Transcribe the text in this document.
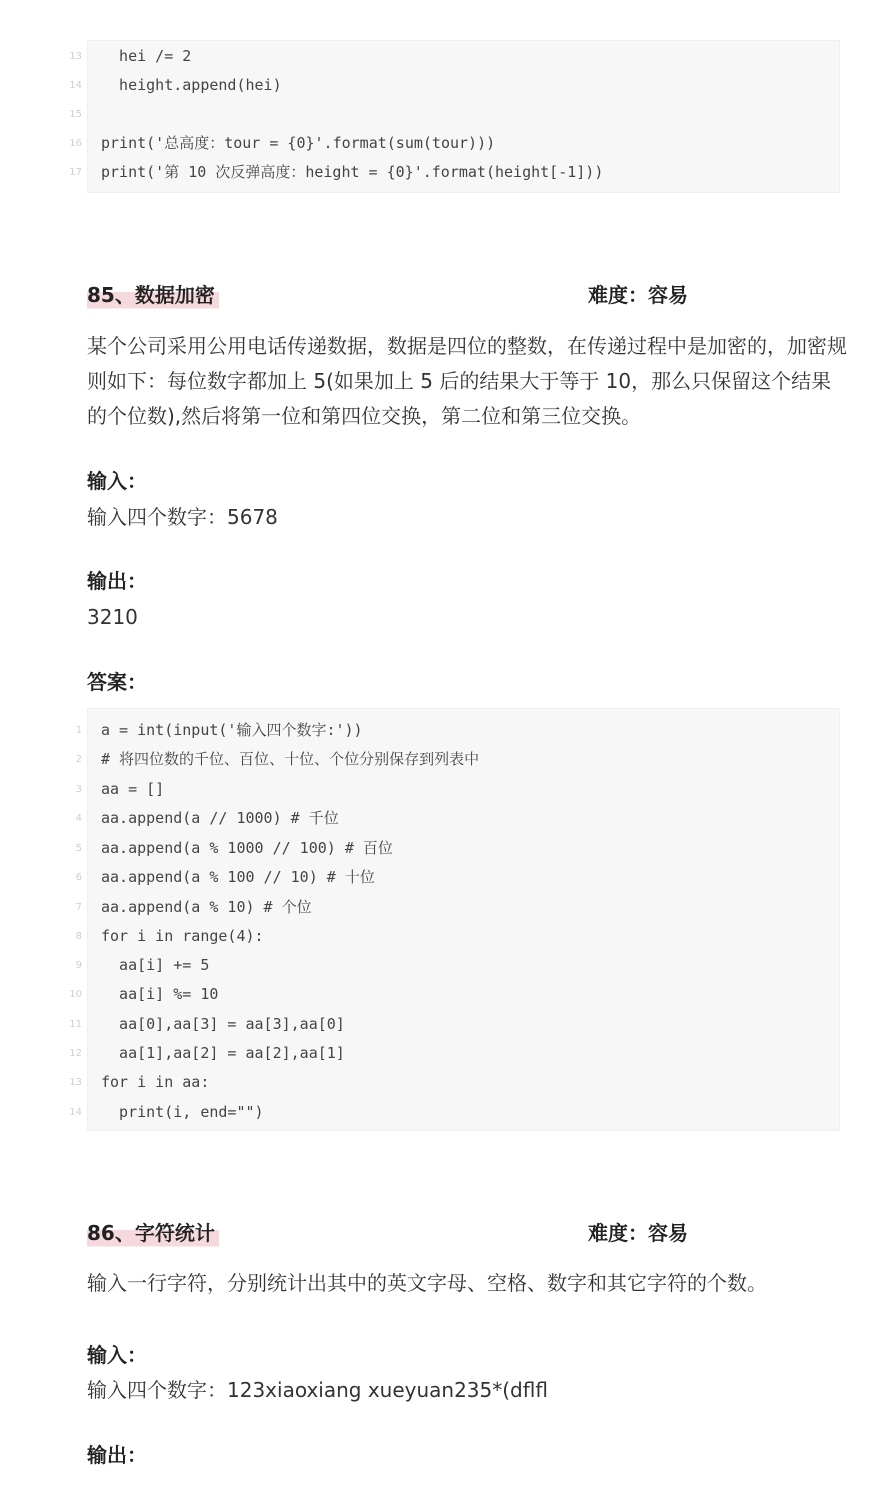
13 hei /= 2
14 height.append(hei)
15
16 print('总高度：tour = {0}'.format(sum(tour)))
17 print('第 10 次反弹高度：height = {0}'.format(height[-1]))
85、数据加密	难度：容易
某个公司采用公用电话传递数据，数据是四位的整数，在传递过程中是加密的，加密规则如下：每位数字都加上 5(如果加上 5 后的结果大于等于 10，那么只保留这个结果的个位数),然后将第一位和第四位交换，第二位和第三位交换。
输入：
输入四个数字：5678
输出：
3210
答案：
1 a = int(input('输入四个数字:'))
2 # 将四位数的千位、百位、十位、个位分别保存到列表中
3 aa = []
4 aa.append(a // 1000) # 千位
5 aa.append(a % 1000 // 100) # 百位
6 aa.append(a % 100 // 10) # 十位
7 aa.append(a % 10) # 个位
8 for i in range(4):
9 aa[i] += 5
10 aa[i] %= 10
11 aa[0],aa[3] = aa[3],aa[0]
12 aa[1],aa[2] = aa[2],aa[1]
13 for i in aa:
14 print(i, end="")
86、字符统计	难度：容易
输入一行字符，分别统计出其中的英文字母、空格、数字和其它字符的个数。
输入：
输入四个数字：123xiaoxiang xueyuan235*(dflfl
输出：
